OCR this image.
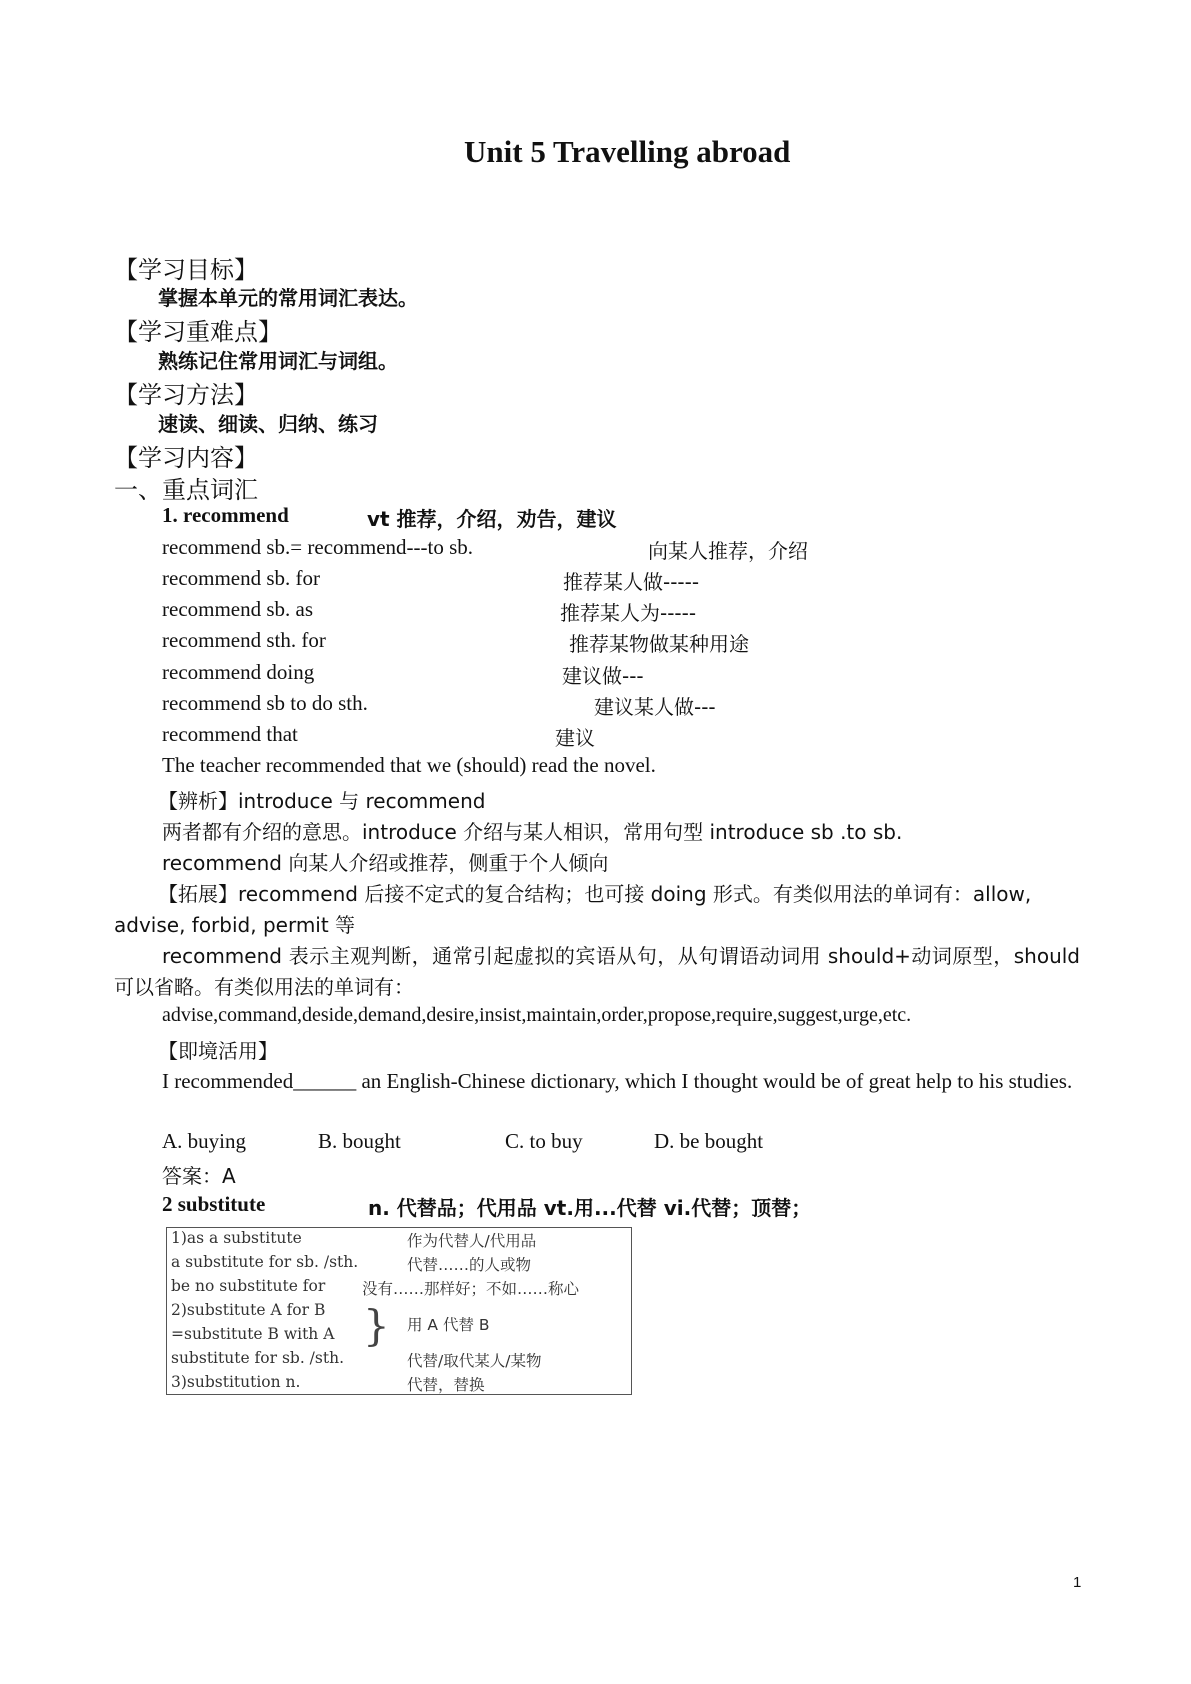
Unit 5 Travelling abroad
【学习目标】
掌握本单元的常用词汇表达。
【学习重难点】
熟练记住常用词汇与词组。
【学习方法】
速读、细读、归纳、练习
【学习内容】
一、重点词汇
1. recommend	vt 推荐，介绍，劝告，建议
recommend sb.= recommend---to sb.	向某人推荐，介绍
recommend sb. for	推荐某人做-----
recommend sb. as	推荐某人为-----
recommend sth. for	推荐某物做某种用途
recommend doing	建议做---
recommend sb to do sth.	建议某人做---
recommend that	建议
The teacher recommended that we (should) read the novel.
【辨析】introduce 与 recommend
两者都有介绍的意思。introduce 介绍与某人相识，常用句型 introduce sb .to sb.
recommend 向某人介绍或推荐，侧重于个人倾向
【拓展】recommend 后接不定式的复合结构；也可接 doing 形式。有类似用法的单词有：allow, advise, forbid, permit 等
recommend 表示主观判断，通常引起虚拟的宾语从句，从句谓语动词用 should+动词原型，should 可以省略。有类似用法的单词有：
advise,command,deside,demand,desire,insist,maintain,order,propose,require,suggest,urge,etc.
【即境活用】
I recommended______ an English-Chinese dictionary, which I thought would be of great help to his studies.
A. buying	B. bought	C. to buy	D. be bought
答案：A
2 substitute	n. 代替品；代用品 vt.用...代替 vi.代替；顶替；
1)as a substitute	作为代替人/代用品
a substitute for sb. /sth.	代替……的人或物
be no substitute for 没有……那样好；不如……称心
2)substitute A for B
=substitute B with A	用 A 代替 B
}
substitute for sb. /sth.	代替/取代某人/某物
3)substitution n.	代替，替换
1
